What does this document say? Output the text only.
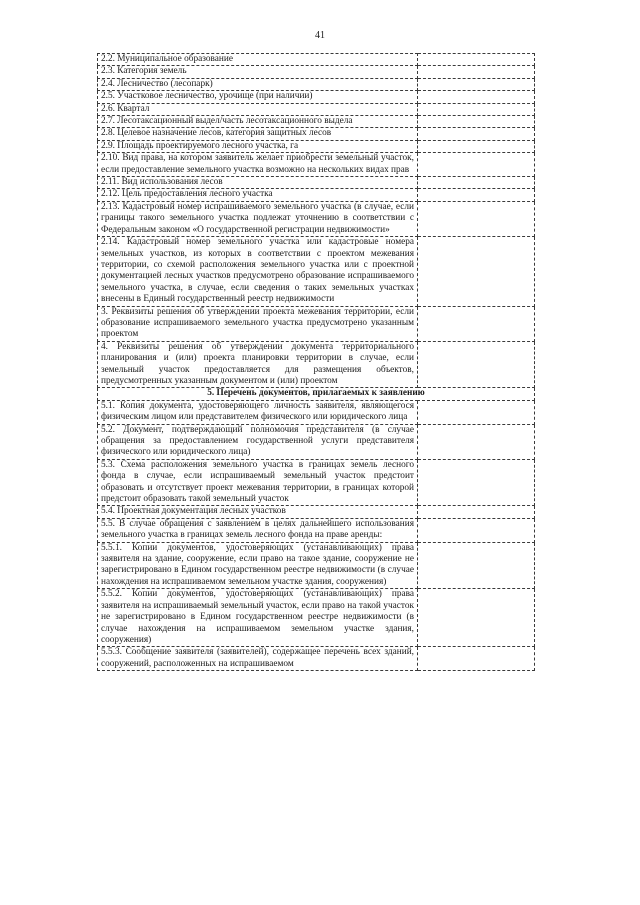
41
2.2. Муниципальное образование	
2.3. Категория земель	
2.4. Лесничество (лесопарк)	
2.5. Участковое лесничество, урочище (при наличии)	
2.6. Квартал	
2.7. Лесотаксационный выдел/часть лесотаксационного выдела	
2.8. Целевое назначение лесов, категория защитных лесов	
2.9. Площадь проектируемого лесного участка, га	
2.10. Вид права, на котором заявитель желает приобрести земельный участок, если предоставление земельного участка возможно на нескольких видах прав	
2.11. Вид использования лесов	
2.12. Цель предоставления лесного участка	
2.13. Кадастровый номер испрашиваемого земельного участка (в случае, если границы такого земельного участка подлежат уточнению в соответствии с Федеральным законом «О государственной регистрации недвижимости»	
2.14. Кадастровый номер земельного участка или кадастровые номера земельных участков, из которых в соответствии с проектом межевания территории, со схемой расположения земельного участка или с проектной документацией лесных участков предусмотрено образование испрашиваемого земельного участка, в случае, если сведения о таких земельных участках внесены в Единый государственный реестр недвижимости	
3. Реквизиты решения об утверждении проекта межевания территории, если образование испрашиваемого земельного участка предусмотрено указанным проектом	
4. Реквизиты решения об утверждении документа территориального планирования и (или) проекта планировки территории в случае, если земельный участок предоставляется для размещения объектов, предусмотренных указанным документом и (или) проектом	
5. Перечень документов, прилагаемых к заявлению	
5.1. Копия документа, удостоверяющего личность заявителя, являющегося физическим лицом или представителем физического или юридического лица	
5.2. Документ, подтверждающий полномочия представителя (в случае обращения за предоставлением государственной услуги представителя физического или юридического лица)	
5.3. Схема расположения земельного участка в границах земель лесного фонда в случае, если испрашиваемый земельный участок предстоит образовать и отсутствует проект межевания территории, в границах которой предстоит образовать такой земельный участок	
5.4. Проектная документация лесных участков	
5.5. В случае обращения с заявлением в целях дальнейшего использования земельного участка в границах земель лесного фонда на праве аренды:	
5.5.1. Копии документов, удостоверяющих (устанавливающих) права заявителя на здание, сооружение, если право на такое здание, сооружение не зарегистрировано в Едином государственном реестре недвижимости (в случае нахождения на испрашиваемом земельном участке здания, сооружения)	
5.5.2. Копии документов, удостоверяющих (устанавливающих) права заявителя на испрашиваемый земельный участок, если право на такой участок не зарегистрировано в Едином государственном реестре недвижимости (в случае нахождения на испрашиваемом земельном участке здания, сооружения)	
5.5.3. Сообщение заявителя (заявителей), содержащее перечень всех зданий, сооружений, расположенных на испрашиваемом	
